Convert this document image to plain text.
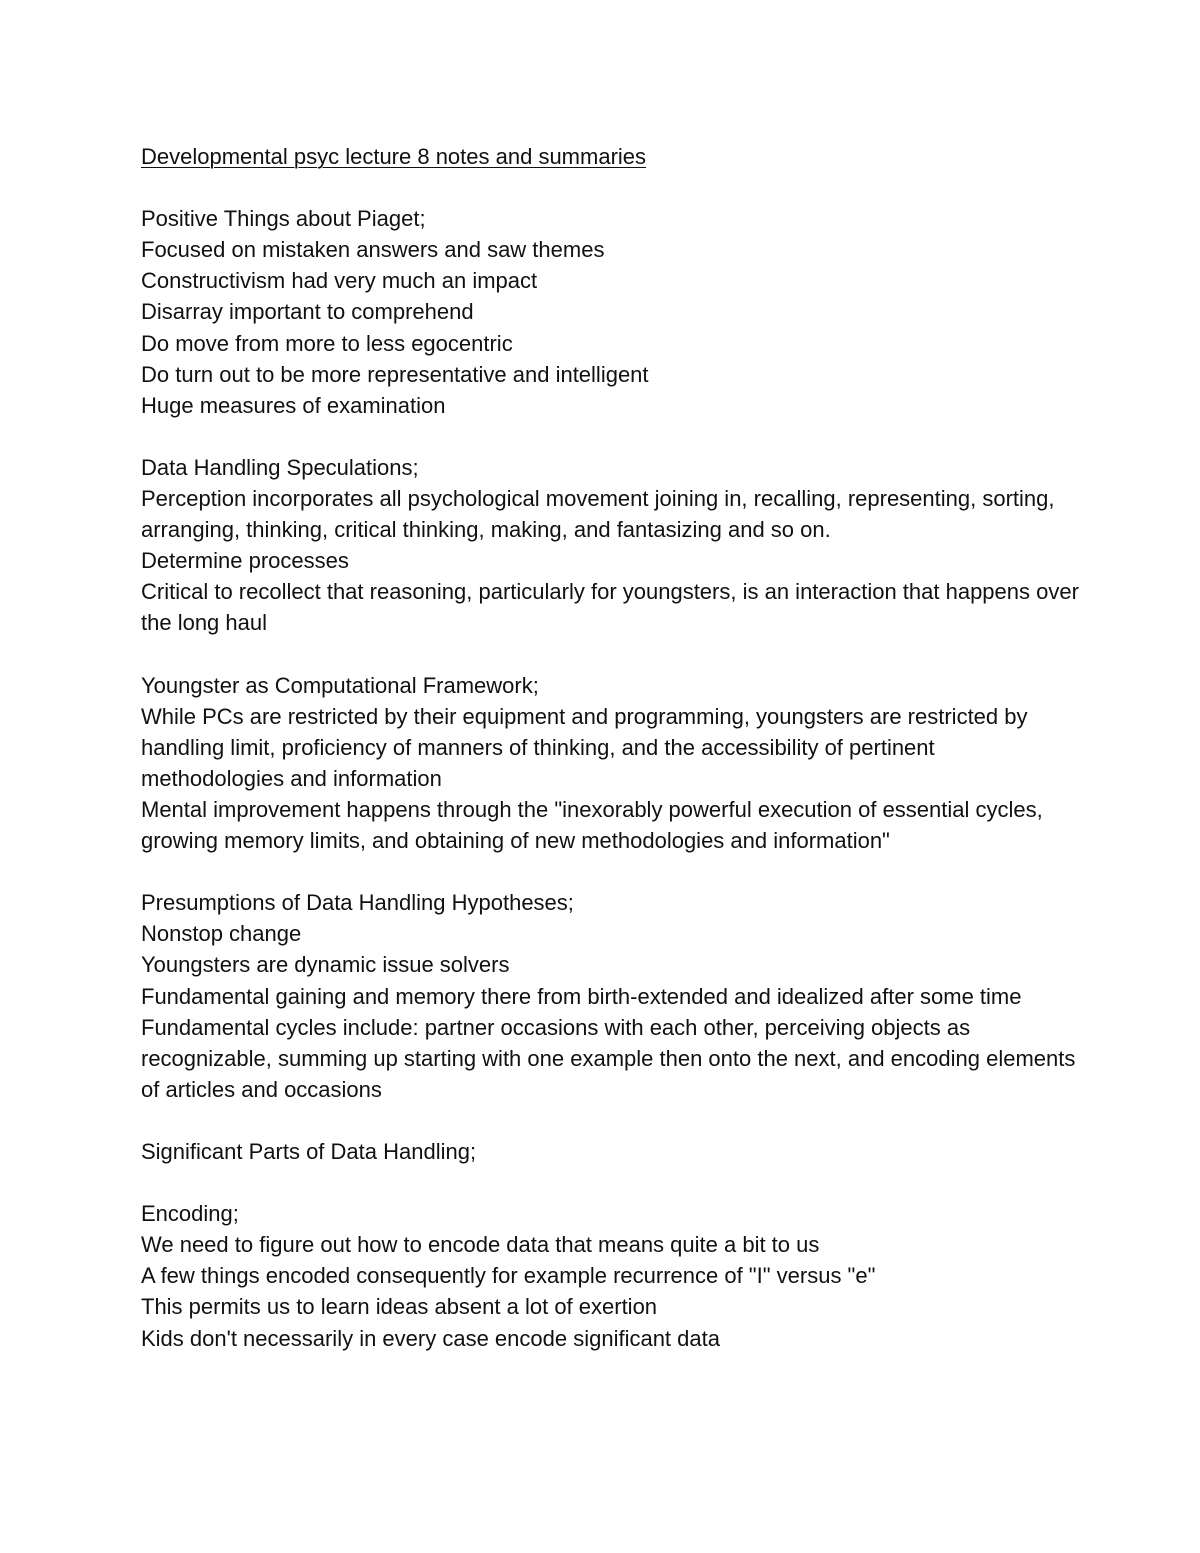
Developmental psyc lecture 8 notes and summaries

Positive Things about Piaget;

Focused on mistaken answers and saw themes

Constructivism had very much an impact

Disarray important to comprehend

Do move from more to less egocentric

Do turn out to be more representative and intelligent

Huge measures of examination

Data Handling Speculations;

Perception incorporates all psychological movement joining in, recalling, representing, sorting, arranging, thinking, critical thinking, making, and fantasizing and so on.

Determine processes

Critical to recollect that reasoning, particularly for youngsters, is an interaction that happens over the long haul

Youngster as Computational Framework;

While PCs are restricted by their equipment and programming, youngsters are restricted by handling limit, proficiency of manners of thinking, and the accessibility of pertinent methodologies and information

Mental improvement happens through the "inexorably powerful execution of essential cycles, growing memory limits, and obtaining of new methodologies and information"

Presumptions of Data Handling Hypotheses;

Nonstop change

Youngsters are dynamic issue solvers

Fundamental gaining and memory there from birth-extended and idealized after some time

Fundamental cycles include: partner occasions with each other, perceiving objects as recognizable, summing up starting with one example then onto the next, and encoding elements of articles and occasions

Significant Parts of Data Handling;

Encoding;

We need to figure out how to encode data that means quite a bit to us

A few things encoded consequently for example recurrence of "I" versus "e"

This permits us to learn ideas absent a lot of exertion

Kids don't necessarily in every case encode significant data
